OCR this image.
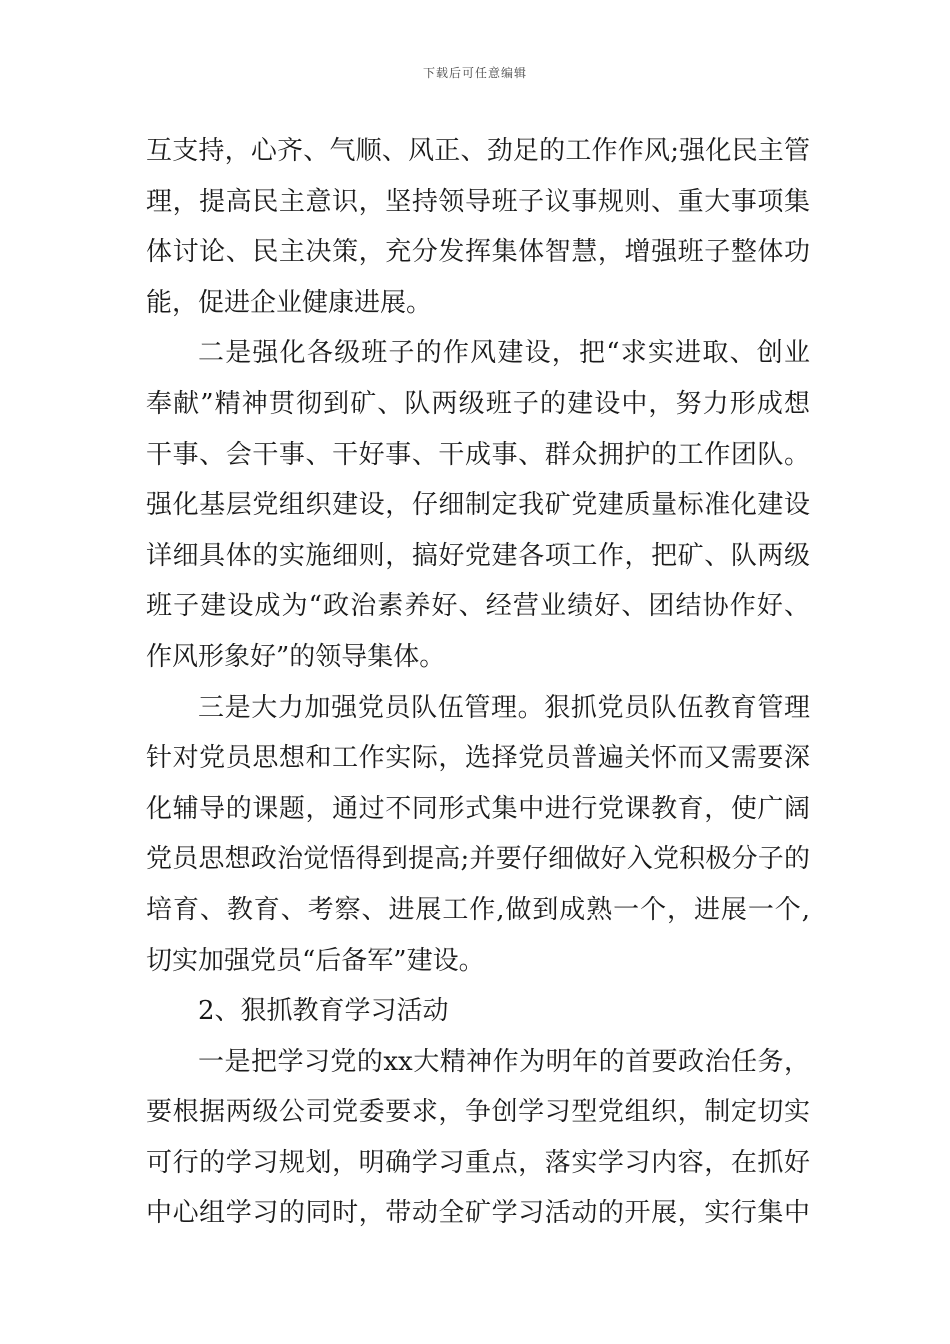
下载后可任意编辑
互支持，心齐、气顺、风正、劲足的工作作风;强化民主管
理，提高民主意识，坚持领导班子议事规则、重大事项集
体讨论、民主决策，充分发挥集体智慧，增强班子整体功
能，促进企业健康进展。
二是强化各级班子的作风建设，把“求实进取、创业
奉献”精神贯彻到矿、队两级班子的建设中，努力形成想
干事、会干事、干好事、干成事、群众拥护的工作团队。
强化基层党组织建设，仔细制定我矿党建质量标准化建设
详细具体的实施细则，搞好党建各项工作，把矿、队两级
班子建设成为“政治素养好、经营业绩好、团结协作好、
作风形象好”的领导集体。
三是大力加强党员队伍管理。狠抓党员队伍教育管理
针对党员思想和工作实际，选择党员普遍关怀而又需要深
化辅导的课题，通过不同形式集中进行党课教育，使广阔
党员思想政治觉悟得到提高;并要仔细做好入党积极分子的
培育、教育、考察、进展工作,做到成熟一个，进展一个,
切实加强党员“后备军”建设。
2、狠抓教育学习活动
一是把学习党的xx大精神作为明年的首要政治任务，
要根据两级公司党委要求，争创学习型党组织，制定切实
可行的学习规划，明确学习重点，落实学习内容，在抓好
中心组学习的同时，带动全矿学习活动的开展，实行集中
